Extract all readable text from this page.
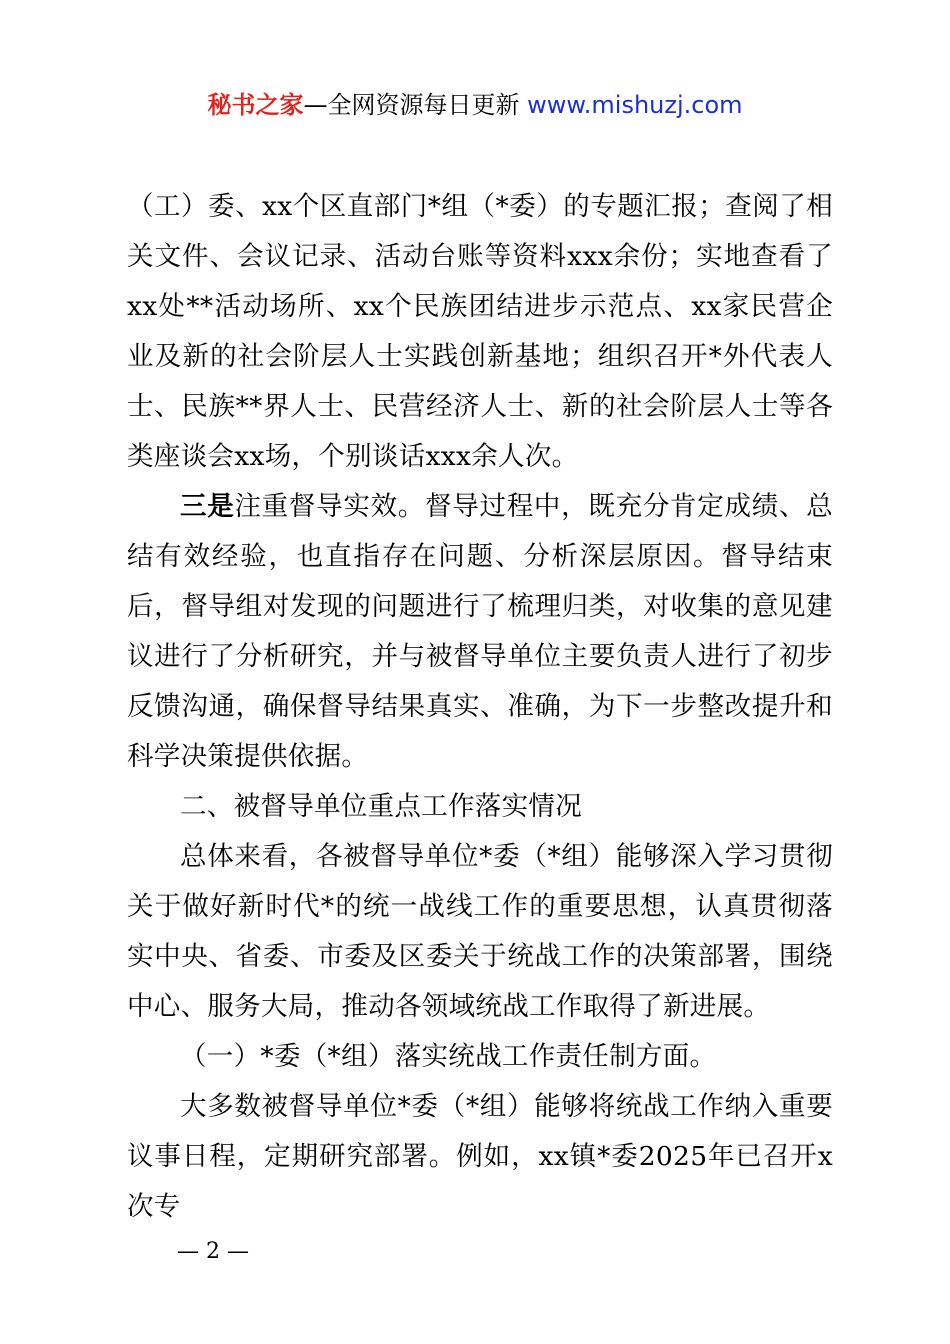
秘书之家—全网资源每日更新 www.mishuzj.com

（工）委、xx个区直部门*组（*委）的专题汇报；查阅了相关文件、会议记录、活动台账等资料xxx余份；实地查看了xx处**活动场所、xx个民族团结进步示范点、xx家民营企业及新的社会阶层人士实践创新基地；组织召开*外代表人士、民族**界人士、民营经济人士、新的社会阶层人士等各类座谈会xx场，个别谈话xxx余人次。

三是注重督导实效。督导过程中，既充分肯定成绩、总结有效经验，也直指存在问题、分析深层原因。督导结束后，督导组对发现的问题进行了梳理归类，对收集的意见建议进行了分析研究，并与被督导单位主要负责人进行了初步反馈沟通，确保督导结果真实、准确，为下一步整改提升和科学决策提供依据。

二、被督导单位重点工作落实情况

总体来看，各被督导单位*委（*组）能够深入学习贯彻关于做好新时代*的统一战线工作的重要思想，认真贯彻落实中央、省委、市委及区委关于统战工作的决策部署，围绕中心、服务大局，推动各领域统战工作取得了新进展。

（一）*委（*组）落实统战工作责任制方面。

大多数被督导单位*委（*组）能够将统战工作纳入重要议事日程，定期研究部署。例如，xx镇*委2025年已召开x次专

— 2 —
